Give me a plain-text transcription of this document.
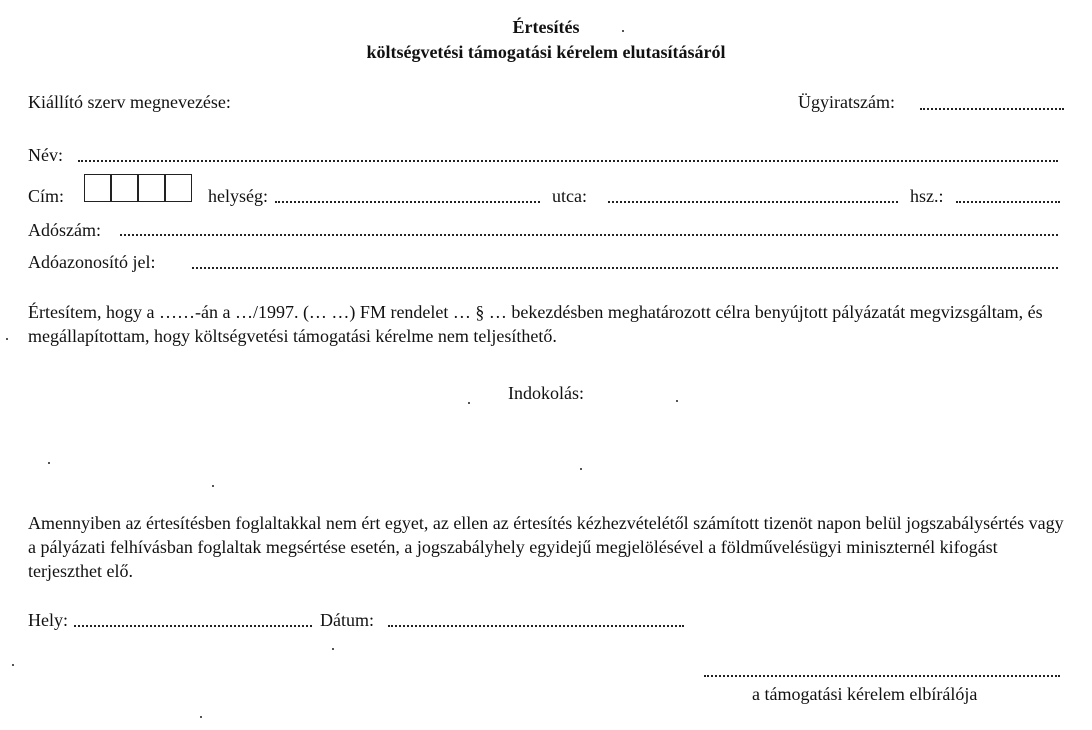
Értesítés
költségvetési támogatási kérelem elutasításáról
Kiállító szerv megnevezése:	Ügyiratszám:
Név:
Cím:	helység:	utca:	hsz.:
Adószám:
Adóazonosító jel:
Értesítem, hogy a ……-án a …/1997. (… …) FM rendelet … § … bekezdésben meghatározott célra benyújtott pályázatát megvizsgáltam, és megállapítottam, hogy költségvetési támogatási kérelme nem teljesíthető.
Indokolás:
Amennyiben az értesítésben foglaltakkal nem ért egyet, az ellen az értesítés kézhezvételétől számított tizenöt napon belül jogszabálysértés vagy a pályázati felhívásban foglaltak megsértése esetén, a jogszabályhely egyidejű megjelölésével a földművelésügyi miniszternél kifogást terjeszthet elő.
Hely:	Dátum:
a támogatási kérelem elbírálója
